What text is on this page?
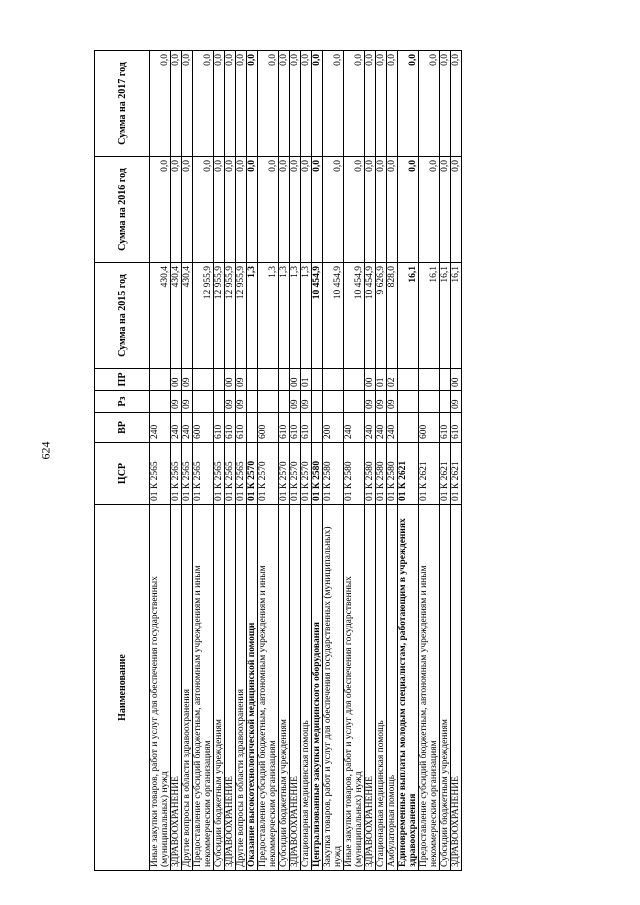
624
Наименование	ЦСР	ВР	Рз	ПР	Сумма на 2015 год	Сумма на 2016 год	Сумма на 2017 год
Иные закупки товаров, работ и услуг для обеспечения государственных (муниципальных) нужд	01 К 2565	240			430,4	0,0	0,0
ЗДРАВООХРАНЕНИЕ	01 К 2565	240	09	00	430,4	0,0	0,0
Другие вопросы в области здравоохранения	01 К 2565	240	09	09	430,4	0,0	0,0
Предоставление субсидий бюджетным, автономным учреждениям и иным некоммерческим организациям	01 К 2565	600			12 955,9	0,0	0,0
Субсидии бюджетным учреждениям	01 К 2565	610			12 955,9	0,0	0,0
ЗДРАВООХРАНЕНИЕ	01 К 2565	610	09	00	12 955,9	0,0	0,0
Другие вопросы в области здравоохранения	01 К 2565	610	09	09	12 955,9	0,0	0,0
Оказание высокотехнологической медицинской помощи	01 К 2570				1,3	0,0	0,0
Предоставление субсидий бюджетным, автономным учреждениям и иным некоммерческим организациям	01 К 2570	600			1,3	0,0	0,0
Субсидии бюджетным учреждениям	01 К 2570	610			1,3	0,0	0,0
ЗДРАВООХРАНЕНИЕ	01 К 2570	610	09	00	1,3	0,0	0,0
Стационарная медицинская помощь	01 К 2570	610	09	01	1,3	0,0	0,0
Централизованные закупки медицинского оборудования	01 К 2580				10 454,9	0,0	0,0
Закупка товаров, работ и услуг для обеспечения государственных (муниципальных) нужд	01 К 2580	200			10 454,9	0,0	0,0
Иные закупки товаров, работ и услуг для обеспечения государственных (муниципальных) нужд	01 К 2580	240			10 454,9	0,0	0,0
ЗДРАВООХРАНЕНИЕ	01 К 2580	240	09	00	10 454,9	0,0	0,0
Стационарная медицинская помощь	01 К 2580	240	09	01	9 626,9	0,0	0,0
Амбулаторная помощь	01 К 2580	240	09	02	828,0	0,0	0,0
Единовременные выплаты молодым специалистам, работающим в учреждениях здравоохранения	01 К 2621				16,1	0,0	0,0
Предоставление субсидий бюджетным, автономным учреждениям и иным некоммерческим организациям	01 К 2621	600			16,1	0,0	0,0
Субсидии бюджетным учреждениям	01 К 2621	610			16,1	0,0	0,0
ЗДРАВООХРАНЕНИЕ	01 К 2621	610	09	00	16,1	0,0	0,0
